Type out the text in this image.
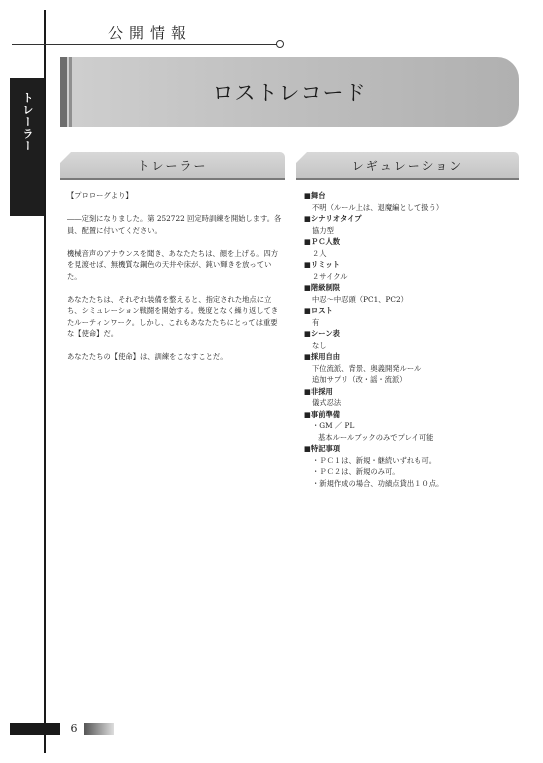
公開情報
トレーラー	ロストレコード
トレーラー	レギュレーション

【プロローグより】

――定刻になりました。第 252722 回定時訓練を開始します。各員、配置に付いてください。

機械音声のアナウンスを聞き、あなたたちは、顔を上げる。四方を見渡せば、無機質な鋼色の天井や床が、鈍い輝きを放っていた。

あなたたちは、それぞれ装備を整えると、指定された地点に立ち、シミュレーション戦闘を開始する。幾度となく繰り返してきたルーティンワーク。しかし、これもあなたたちにとっては重要な【使命】だ。

あなたたちの【使命】は、訓練をこなすことだ。

■舞台
不明（ルール上は、退魔編として扱う）
■シナリオタイプ
協力型
■ＰＣ人数
２人
■リミット
２サイクル
■階級制限
中忍〜中忍頭（PC1、PC2）
■ロスト
有
■シーン表
なし
■採用自由
下位流派、背景、奥義開発ルール
追加サプリ（改・謡・流派）
■非採用
儀式忍法
■事前準備
・GM ／ PL
基本ルールブックのみでプレイ可能
■特記事項
・ＰＣ１は、新規・継続いずれも可。
・ＰＣ２は、新規のみ可。
・新規作成の場合、功績点貸出１０点。
6
